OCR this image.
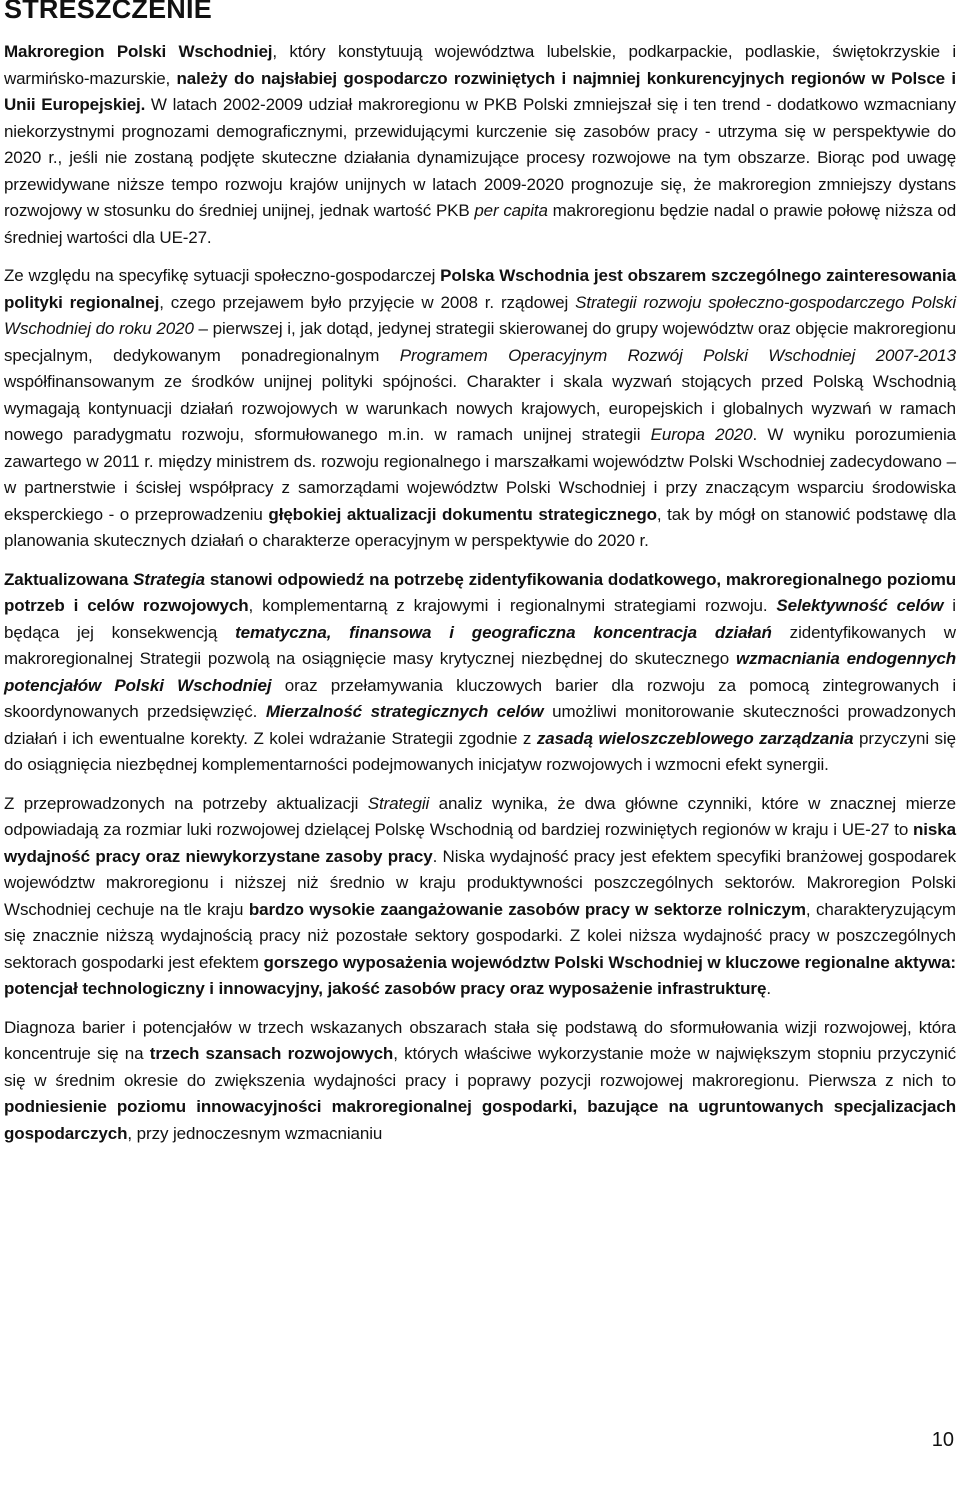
STRESZCZENIE

Makroregion Polski Wschodniej, który konstytuują województwa lubelskie, podkarpackie, podlaskie, świętokrzyskie i warmińsko-mazurskie, należy do najsłabiej gospodarczo rozwiniętych i najmniej konkurencyjnych regionów w Polsce i Unii Europejskiej. W latach 2002-2009 udział makroregionu w PKB Polski zmniejszał się i ten trend - dodatkowo wzmacniany niekorzystnymi prognozami demograficznymi, przewidującymi kurczenie się zasobów pracy - utrzyma się w perspektywie do 2020 r., jeśli nie zostaną podjęte skuteczne działania dynamizujące procesy rozwojowe na tym obszarze. Biorąc pod uwagę przewidywane niższe tempo rozwoju krajów unijnych w latach 2009-2020 prognozuje się, że makroregion zmniejszy dystans rozwojowy w stosunku do średniej unijnej, jednak wartość PKB per capita makroregionu będzie nadal o prawie połowę niższa od średniej wartości dla UE-27.

Ze względu na specyfikę sytuacji społeczno-gospodarczej Polska Wschodnia jest obszarem szczególnego zainteresowania polityki regionalnej, czego przejawem było przyjęcie w 2008 r. rządowej Strategii rozwoju społeczno-gospodarczego Polski Wschodniej do roku 2020 – pierwszej i, jak dotąd, jedynej strategii skierowanej do grupy województw oraz objęcie makroregionu specjalnym, dedykowanym ponadregionalnym Programem Operacyjnym Rozwój Polski Wschodniej 2007-2013 współfinansowanym ze środków unijnej polityki spójności. Charakter i skala wyzwań stojących przed Polską Wschodnią wymagają kontynuacji działań rozwojowych w warunkach nowych krajowych, europejskich i globalnych wyzwań w ramach nowego paradygmatu rozwoju, sformułowanego m.in. w ramach unijnej strategii Europa 2020. W wyniku porozumienia zawartego w 2011 r. między ministrem ds. rozwoju regionalnego i marszałkami województw Polski Wschodniej zadecydowano – w partnerstwie i ścisłej współpracy z samorządami województw Polski Wschodniej i przy znaczącym wsparciu środowiska eksperckiego - o przeprowadzeniu głębokiej aktualizacji dokumentu strategicznego, tak by mógł on stanowić podstawę dla planowania skutecznych działań o charakterze operacyjnym w perspektywie do 2020 r.

Zaktualizowana Strategia stanowi odpowiedź na potrzebę zidentyfikowania dodatkowego, makroregionalnego poziomu potrzeb i celów rozwojowych, komplementarną z krajowymi i regionalnymi strategiami rozwoju. Selektywność celów i będąca jej konsekwencją tematyczna, finansowa i geograficzna koncentracja działań zidentyfikowanych w makroregionalnej Strategii pozwolą na osiągnięcie masy krytycznej niezbędnej do skutecznego wzmacniania endogennych potencjałów Polski Wschodniej oraz przełamywania kluczowych barier dla rozwoju za pomocą zintegrowanych i skoordynowanych przedsięwzięć. Mierzalność strategicznych celów umożliwi monitorowanie skuteczności prowadzonych działań i ich ewentualne korekty. Z kolei wdrażanie Strategii zgodnie z zasadą wieloszczeblowego zarządzania przyczyni się do osiągnięcia niezbędnej komplementarności podejmowanych inicjatyw rozwojowych i wzmocni efekt synergii.

Z przeprowadzonych na potrzeby aktualizacji Strategii analiz wynika, że dwa główne czynniki, które w znacznej mierze odpowiadają za rozmiar luki rozwojowej dzielącej Polskę Wschodnią od bardziej rozwiniętych regionów w kraju i UE-27 to niska wydajność pracy oraz niewykorzystane zasoby pracy. Niska wydajność pracy jest efektem specyfiki branżowej gospodarek województw makroregionu i niższej niż średnio w kraju produktywności poszczególnych sektorów. Makroregion Polski Wschodniej cechuje na tle kraju bardzo wysokie zaangażowanie zasobów pracy w sektorze rolniczym, charakteryzującym się znacznie niższą wydajnością pracy niż pozostałe sektory gospodarki. Z kolei niższa wydajność pracy w poszczególnych sektorach gospodarki jest efektem gorszego wyposażenia województw Polski Wschodniej w kluczowe regionalne aktywa: potencjał technologiczny i innowacyjny, jakość zasobów pracy oraz wyposażenie infrastrukturę.

Diagnoza barier i potencjałów w trzech wskazanych obszarach stała się podstawą do sformułowania wizji rozwojowej, która koncentruje się na trzech szansach rozwojowych, których właściwe wykorzystanie może w największym stopniu przyczynić się w średnim okresie do zwiększenia wydajności pracy i poprawy pozycji rozwojowej makroregionu. Pierwsza z nich to podniesienie poziomu innowacyjności makroregionalnej gospodarki, bazujące na ugruntowanych specjalizacjach gospodarczych, przy jednoczesnym wzmacnianiu

10
